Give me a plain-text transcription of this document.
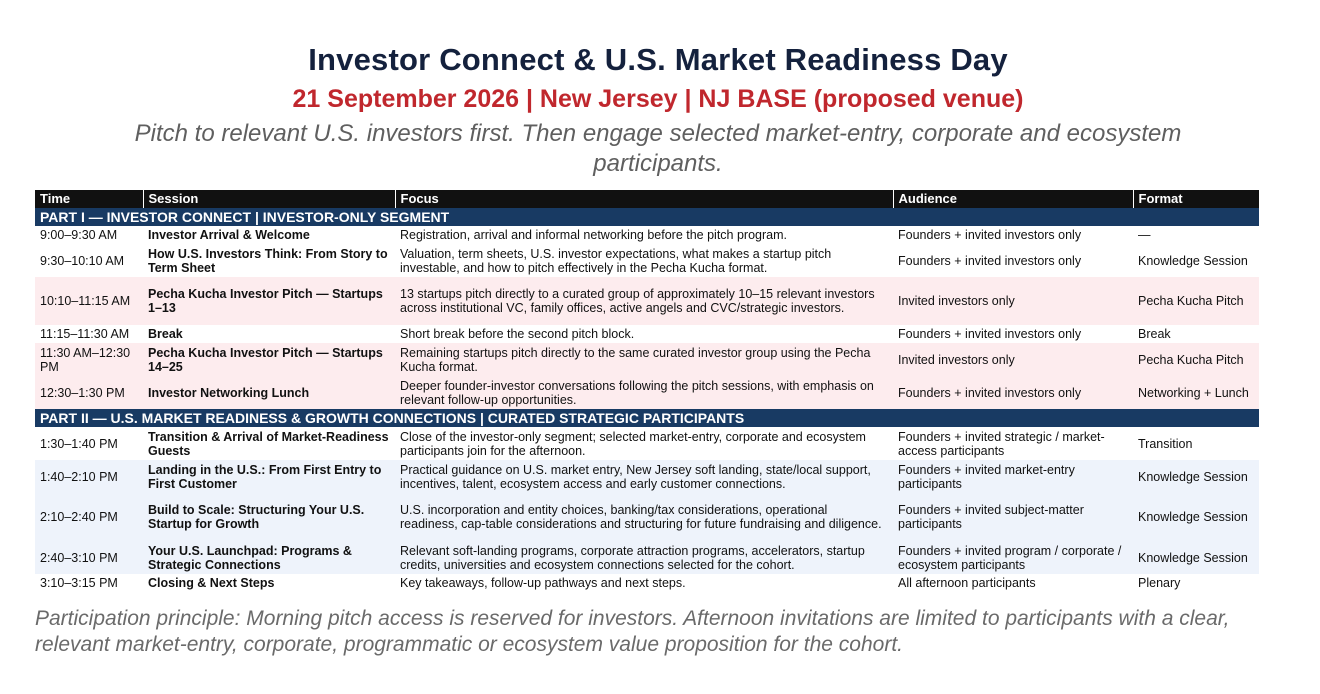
Investor Connect & U.S. Market Readiness Day
21 September 2026 | New Jersey | NJ BASE (proposed venue)
Pitch to relevant U.S. investors first. Then engage selected market-entry, corporate and ecosystem participants.
Time	Session	Focus	Audience	Format
PART I — INVESTOR CONNECT | INVESTOR-ONLY SEGMENT				
9:00–9:30 AM	Investor Arrival & Welcome	Registration, arrival and informal networking before the pitch program.	Founders + invited investors only	—
9:30–10:10 AM	How U.S. Investors Think: From Story to Term Sheet	Valuation, term sheets, U.S. investor expectations, what makes a startup pitch investable, and how to pitch effectively in the Pecha Kucha format.	Founders + invited investors only	Knowledge Session
10:10–11:15 AM	Pecha Kucha Investor Pitch — Startups 1–13	13 startups pitch directly to a curated group of approximately 10–15 relevant investors across institutional VC, family offices, active angels and CVC/strategic investors.	Invited investors only	Pecha Kucha Pitch
11:15–11:30 AM	Break	Short break before the second pitch block.	Founders + invited investors only	Break
11:30 AM–12:30 PM	Pecha Kucha Investor Pitch — Startups 14–25	Remaining startups pitch directly to the same curated investor group using the Pecha Kucha format.	Invited investors only	Pecha Kucha Pitch
12:30–1:30 PM	Investor Networking Lunch	Deeper founder-investor conversations following the pitch sessions, with emphasis on relevant follow-up opportunities.	Founders + invited investors only	Networking + Lunch
PART II — U.S. MARKET READINESS & GROWTH CONNECTIONS | CURATED STRATEGIC PARTICIPANTS				
1:30–1:40 PM	Transition & Arrival of Market-Readiness Guests	Close of the investor-only segment; selected market-entry, corporate and ecosystem participants join for the afternoon.	Founders + invited strategic / market-access participants	Transition
1:40–2:10 PM	Landing in the U.S.: From First Entry to First Customer	Practical guidance on U.S. market entry, New Jersey soft landing, state/local support, incentives, talent, ecosystem access and early customer connections.	Founders + invited market-entry participants	Knowledge Session
2:10–2:40 PM	Build to Scale: Structuring Your U.S. Startup for Growth	U.S. incorporation and entity choices, banking/tax considerations, operational readiness, cap-table considerations and structuring for future fundraising and diligence.	Founders + invited subject-matter participants	Knowledge Session
2:40–3:10 PM	Your U.S. Launchpad: Programs & Strategic Connections	Relevant soft-landing programs, corporate attraction programs, accelerators, startup credits, universities and ecosystem connections selected for the cohort.	Founders + invited program / corporate / ecosystem participants	Knowledge Session
3:10–3:15 PM	Closing & Next Steps	Key takeaways, follow-up pathways and next steps.	All afternoon participants	Plenary
Participation principle: Morning pitch access is reserved for investors. Afternoon invitations are limited to participants with a clear, relevant market-entry, corporate, programmatic or ecosystem value proposition for the cohort.
